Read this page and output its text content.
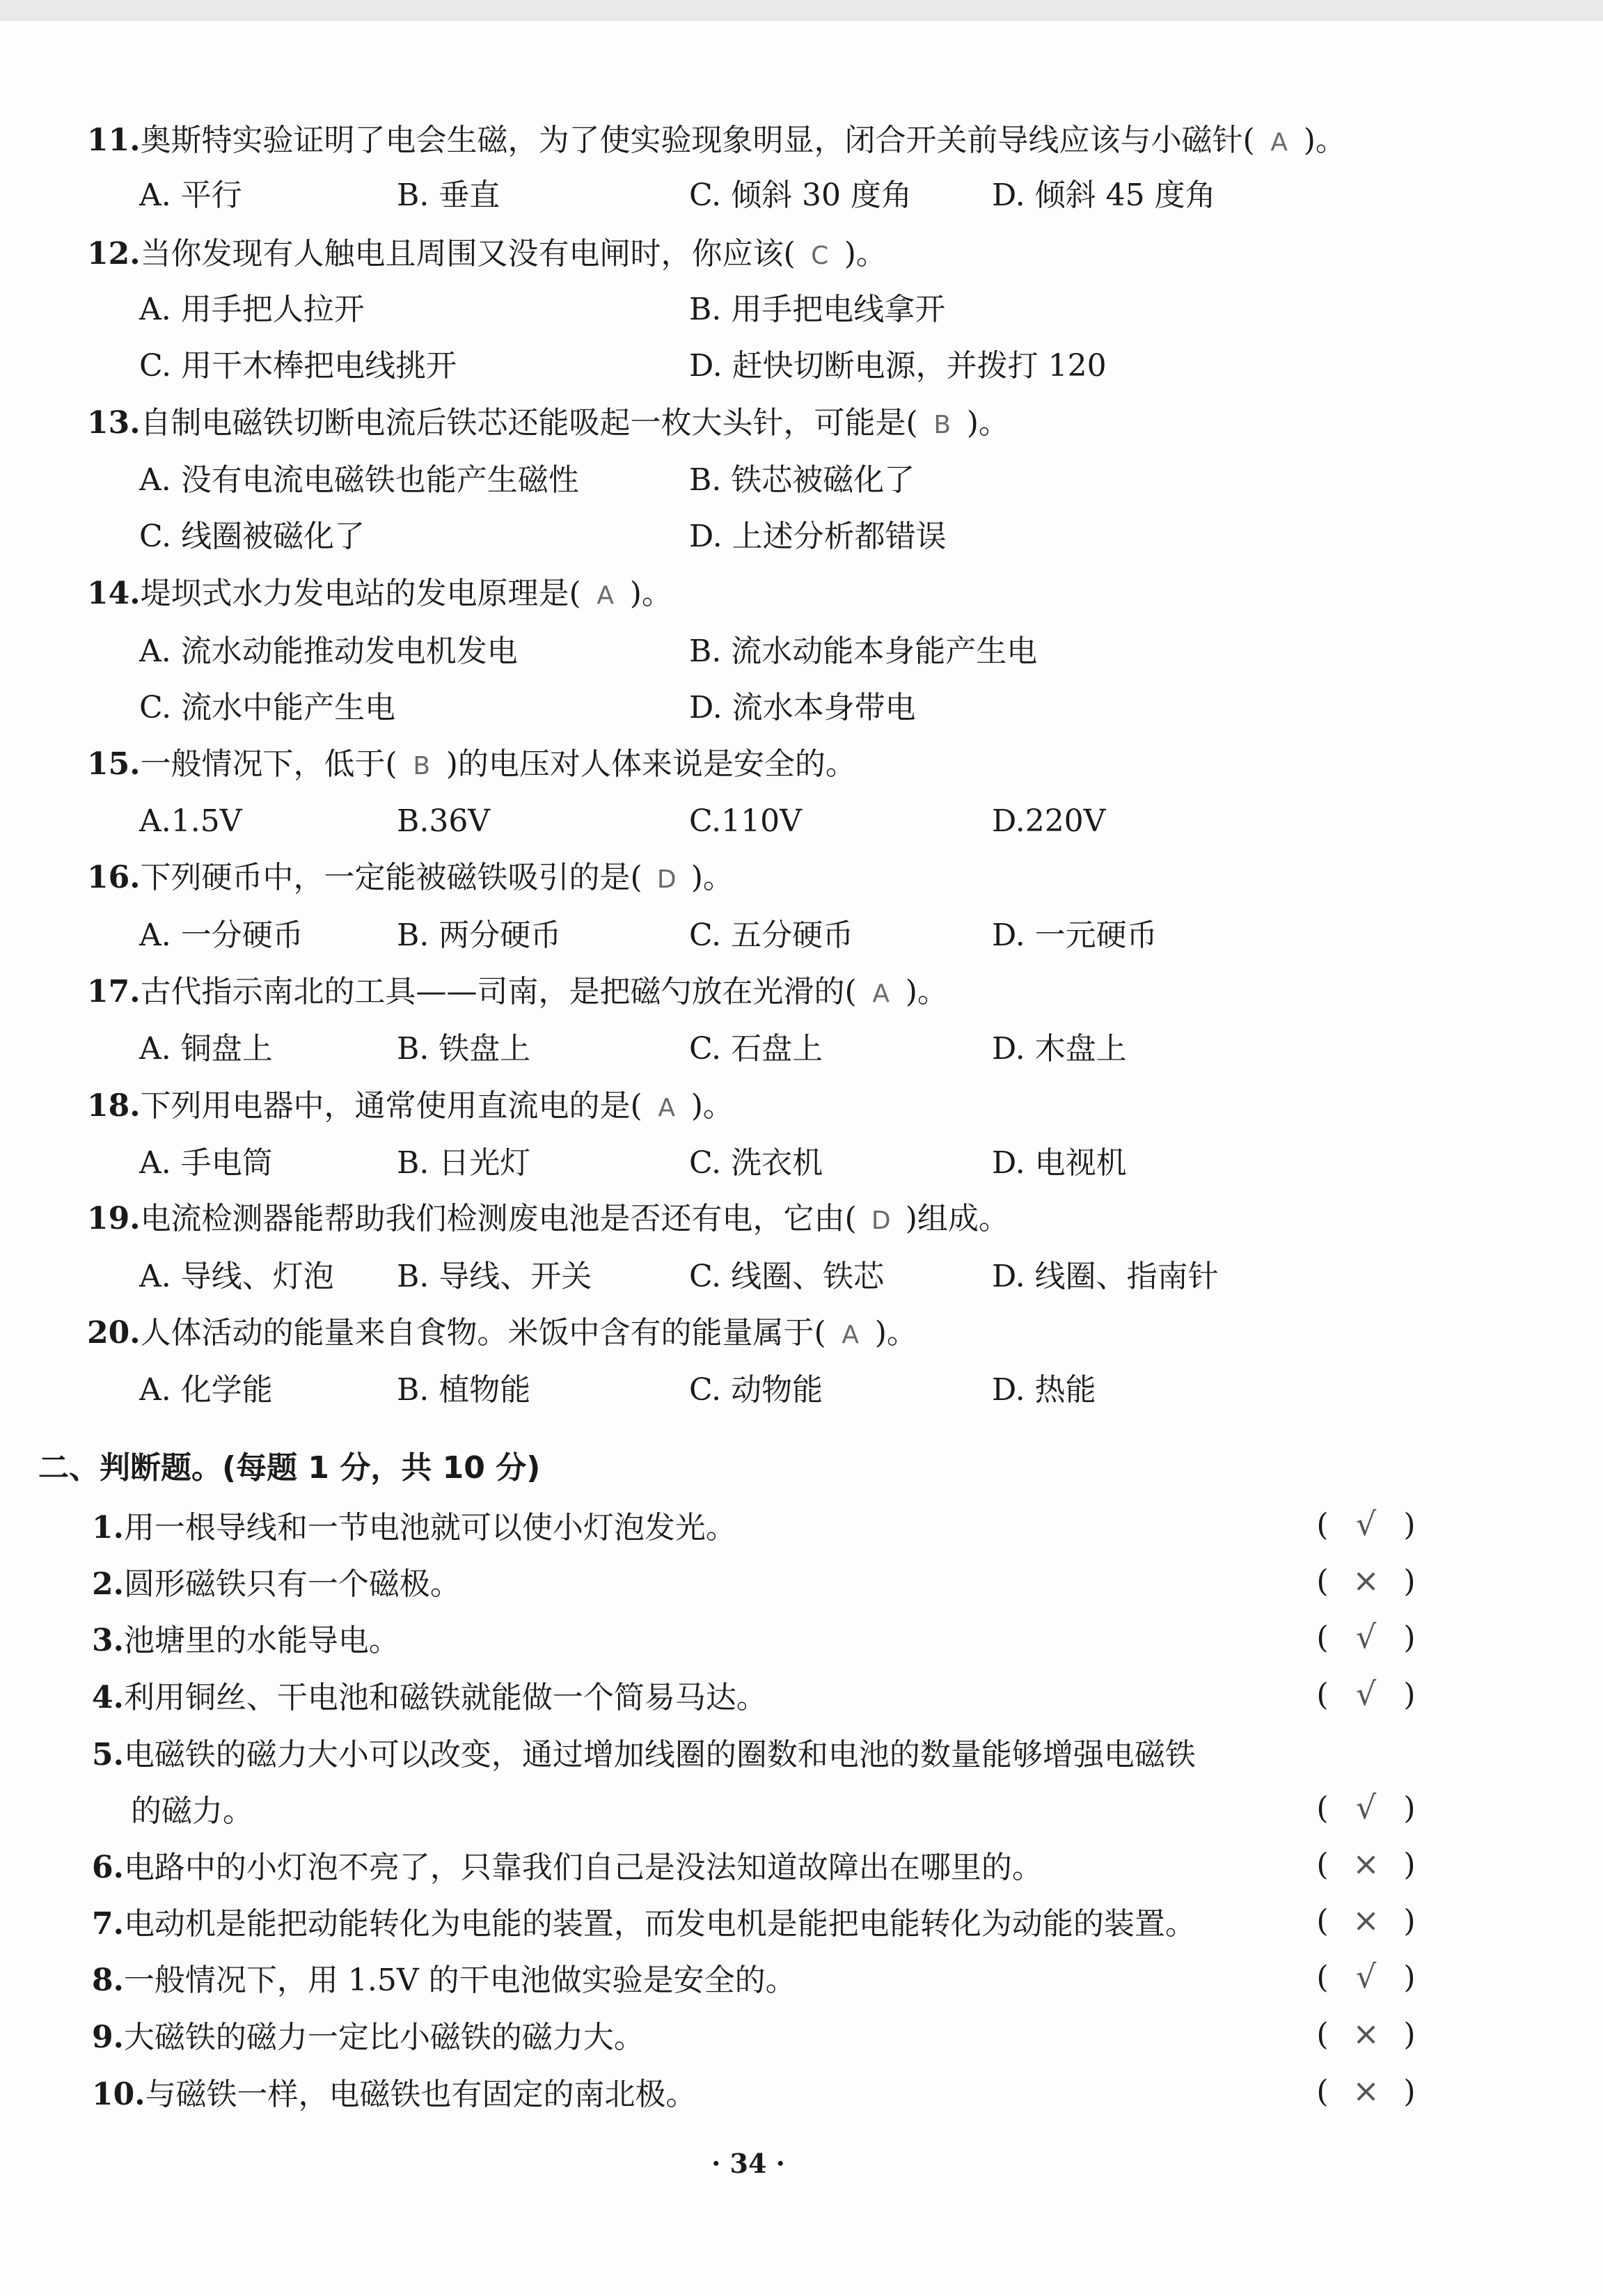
11.奥斯特实验证明了电会生磁，为了使实验现象明显，闭合开关前导线应该与小磁针( A )。
A. 平行	B. 垂直	C. 倾斜 30 度角	D. 倾斜 45 度角
12.当你发现有人触电且周围又没有电闸时，你应该( C )。
A. 用手把人拉开	B. 用手把电线拿开
C. 用干木棒把电线挑开	D. 赶快切断电源，并拨打 120
13.自制电磁铁切断电流后铁芯还能吸起一枚大头针，可能是( B )。
A. 没有电流电磁铁也能产生磁性	B. 铁芯被磁化了
C. 线圈被磁化了	D. 上述分析都错误
14.堤坝式水力发电站的发电原理是( A )。
A. 流水动能推动发电机发电	B. 流水动能本身能产生电
C. 流水中能产生电	D. 流水本身带电
15.一般情况下，低于( B )的电压对人体来说是安全的。
A.1.5V	B.36V	C.110V	D.220V
16.下列硬币中，一定能被磁铁吸引的是( D )。
A. 一分硬币	B. 两分硬币	C. 五分硬币	D. 一元硬币
17.古代指示南北的工具——司南，是把磁勺放在光滑的( A )。
A. 铜盘上	B. 铁盘上	C. 石盘上	D. 木盘上
18.下列用电器中，通常使用直流电的是( A )。
A. 手电筒	B. 日光灯	C. 洗衣机	D. 电视机
19.电流检测器能帮助我们检测废电池是否还有电，它由( D )组成。
A. 导线、灯泡 B. 导线、开关	C. 线圈、铁芯	D. 线圈、指南针
20.人体活动的能量来自食物。米饭中含有的能量属于( A )。
A. 化学能	B. 植物能	C. 动物能	D. 热能
二、判断题。(每题 1 分，共 10 分)
1.用一根导线和一节电池就可以使小灯泡发光。	( √ )
2.圆形磁铁只有一个磁极。	( × )
3.池塘里的水能导电。	( √ )
4.利用铜丝、干电池和磁铁就能做一个简易马达。	( √ )
5.电磁铁的磁力大小可以改变，通过增加线圈的圈数和电池的数量能够增强电磁铁
的磁力。	( √ )
6.电路中的小灯泡不亮了，只靠我们自己是没法知道故障出在哪里的。	( × )
7.电动机是能把动能转化为电能的装置，而发电机是能把电能转化为动能的装置。	( × )
8.一般情况下，用 1.5V 的干电池做实验是安全的。	( √ )
9.大磁铁的磁力一定比小磁铁的磁力大。	( × )
10.与磁铁一样，电磁铁也有固定的南北极。	( × )
· 34 ·
